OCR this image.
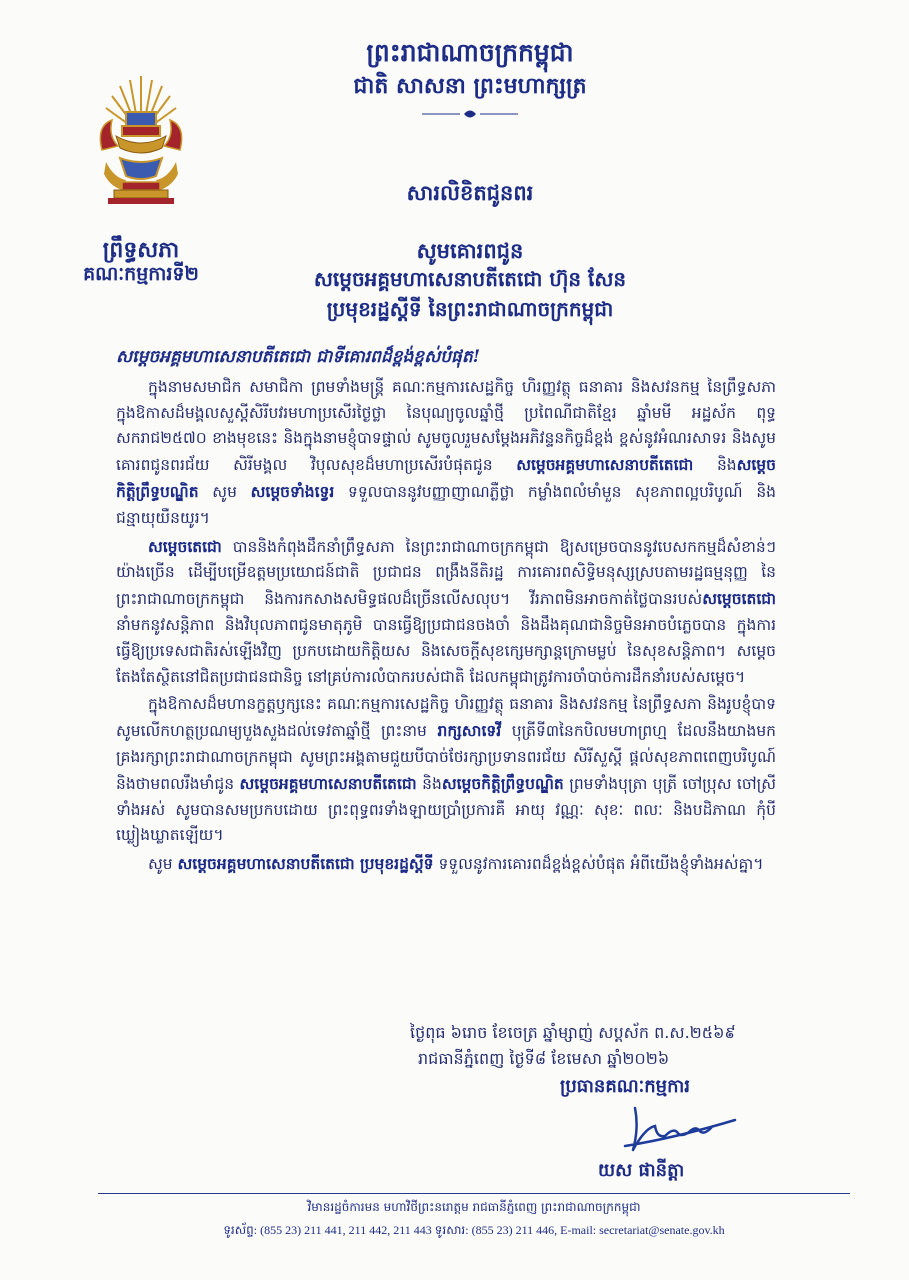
ព្រះរាជាណាចក្រកម្ពុជា
ជាតិ សាសនា ព្រះមហាក្សត្រ
ព្រឹទ្ធសភា
គណៈកម្មការទី២
សារលិខិតជូនពរ
សូមគោរពជូន
សម្ដេចអគ្គមហាសេនាបតីតេជោ ហ៊ុន សែន
ប្រមុខរដ្ឋស្ដីទី នៃព្រះរាជាណាចក្រកម្ពុជា

សម្ដេចអគ្គមហាសេនាបតីតេជោ ជាទីគោរពដ៏ខ្ពង់ខ្ពស់បំផុត!

ក្នុងនាមសមាជិក សមាជិកា ព្រមទាំងមន្ត្រី គណៈកម្មការសេដ្ឋកិច្ច ហិរញ្ញវត្ថុ ធនាគារ និងសវនកម្ម នៃព្រឹទ្ធសភា ក្នុងឱកាសដ៏មង្គលសួស្ដីសិរីបវរមហាប្រសើរថ្ងៃថ្លា នៃបុណ្យចូលឆ្នាំថ្មី ប្រពៃណីជាតិខ្មែរ ឆ្នាំមមី អដ្ឋស័ក ពុទ្ធសករាជ២៥៧០ ខាងមុខនេះ និងក្នុងនាមខ្ញុំបាទផ្ទាល់ សូមចូលរួមសម្ដែងអភិវន្ទនកិច្ចដ៏ខ្ពង់ ខ្ពស់នូវអំណរសាទរ និងសូមគោរពជូនពរជ័យ សិរីមង្គល វិបុលសុខដ៏មហាប្រសើរបំផុតជូន សម្ដេចអគ្គមហាសេនាបតីតេជោ និងសម្ដេចកិត្តិព្រឹទ្ធបណ្ឌិត សូម សម្ដេចទាំងទ្វេរ ទទួលបាននូវបញ្ញាញាណភ្លឺថ្លា កម្លាំងពលំមាំមួន សុខភាពល្អបរិបូណ៍ និងជន្មាយុយឺនយូរ។

សម្ដេចតេជោ បាននិងកំពុងដឹកនាំព្រឹទ្ធសភា នៃព្រះរាជាណាចក្រកម្ពុជា ឱ្យសម្រេចបាននូវបេសកកម្មដ៏សំខាន់ៗយ៉ាងច្រើន ដើម្បីបម្រើឧត្តមប្រយោជន៍ជាតិ ប្រជាជន ពង្រឹងនីតិរដ្ឋ ការគោរពសិទ្ធិមនុស្សស្របតាមរដ្ឋធម្មនុញ្ញ នៃព្រះរាជាណាចក្រកម្ពុជា និងការកសាងសមិទ្ធផលដ៏ច្រើនលើសលុប។ វីរភាពមិនអាចកាត់ថ្លៃបានរបស់សម្ដេចតេជោ នាំមកនូវសន្តិភាព និងវិបុលភាពជូនមាតុភូមិ បានធ្វើឱ្យប្រជាជនចងចាំ និងដឹងគុណជានិច្ចមិនអាចបំភ្លេចបាន ក្នុងការធ្វើឱ្យប្រទេសជាតិរស់ឡើងវិញ ប្រកបដោយកិត្តិយស និងសេចក្ដីសុខក្សេមក្សាន្តក្រោមម្លប់ នៃសុខសន្តិភាព។ សម្ដេចតែងតែស្ថិតនៅជិតប្រជាជនជានិច្ច នៅគ្រប់ការលំបាករបស់ជាតិ ដែលកម្ពុជាត្រូវការចាំបាច់ការដឹកនាំរបស់សម្ដេច។

ក្នុងឱកាសដ៏មហានក្ខត្តឫក្សនេះ គណៈកម្មការសេដ្ឋកិច្ច ហិរញ្ញវត្ថុ ធនាគារ និងសវនកម្ម នៃព្រឹទ្ធសភា និងរូបខ្ញុំបាទ សូមលើកហត្ថប្រណម្យបួងសួងដល់ទេវតាឆ្នាំថ្មី ព្រះនាម រាក្សសាទេវី បុត្រីទី៣នៃកបិលមហាព្រហ្ម ដែលនឹងយាងមកគ្រងរក្សាព្រះរាជាណាចក្រកម្ពុជា សូមព្រះអង្គតាមជួយបីបាច់ថែរក្សាប្រទានពរជ័យ សិរីសួស្ដី ផ្ដល់សុខភាពពេញបរិបូណ៍ និងថាមពលរឹងមាំជូន សម្ដេចអគ្គមហាសេនាបតីតេជោ និងសម្ដេចកិត្តិព្រឹទ្ធបណ្ឌិត ព្រមទាំងបុត្រា បុត្រី ចៅប្រុស ចៅស្រីទាំងអស់ សូមបានសមប្រកបដោយ ព្រះពុទ្ធពរទាំងឡាយប្រាំប្រការគឺ អាយុ វណ្ណៈ សុខៈ ពលៈ និងបដិភាណ កុំបីឃ្លៀងឃ្លាតឡើយ។

សូម សម្ដេចអគ្គមហាសេនាបតីតេជោ ប្រមុខរដ្ឋស្ដីទី ទទួលនូវការគោរពដ៏ខ្ពង់ខ្ពស់បំផុត អំពីយើងខ្ញុំទាំងអស់គ្នា។

ថ្ងៃពុធ ៦រោច ខែចេត្រ ឆ្នាំម្សាញ់ សប្តស័ក ព.ស.២៥៦៩
រាជធានីភ្នំពេញ ថ្ងៃទី៨ ខែមេសា ឆ្នាំ២០២៦
ប្រធានគណៈកម្មការ
យស ផានីត្តា
វិមានរដ្ឋចំការមន មហាវិថីព្រះនរោត្តម រាជធានីភ្នំពេញ ព្រះរាជាណាចក្រកម្ពុជា
ទូរស័ព្ទ: (855 23) 211 441, 211 442, 211 443 ទូរសារ: (855 23) 211 446, E-mail: secretariat@senate.gov.kh
